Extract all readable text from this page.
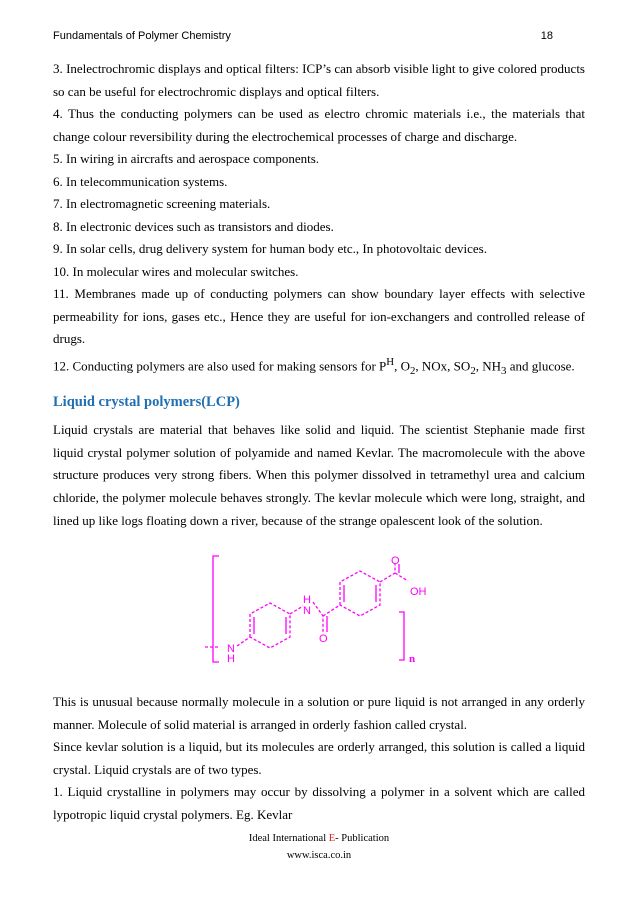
Fundamentals of Polymer Chemistry	18

3. Inelectrochromic displays and optical filters: ICP’s can absorb visible light to give colored products so can be useful for electrochromic displays and optical filters.

4. Thus the conducting polymers can be used as electro chromic materials i.e., the materials that change colour reversibility during the electrochemical processes of charge and discharge.

5. In wiring in aircrafts and aerospace components.

6. In telecommunication systems.

7. In electromagnetic screening materials.

8. In electronic devices such as transistors and diodes.

9. In solar cells, drug delivery system for human body etc., In photovoltaic devices.

10. In molecular wires and molecular switches.

11. Membranes made up of conducting polymers can show boundary layer effects with selective permeability for ions, gases etc., Hence they are useful for ion-exchangers and controlled release of drugs.

12. Conducting polymers are also used for making sensors for $P^H$, $O_2$, NOx, $SO_2$, $NH_3$ and glucose.

Liquid crystal polymers(LCP)
Liquid crystals are material that behaves like solid and liquid. The scientist Stephanie made first liquid crystal polymer solution of polyamide and named Kevlar. The macromolecule with the above structure produces very strong fibers. When this polymer dissolved in tetramethyl urea and calcium chloride, the polymer molecule behaves strongly. The kevlar molecule which were long, straight, and lined up like logs floating down a river, because of the strange opalescent look of the solution.
O
OH
H
N
O
N
H	n

This is unusual because normally molecule in a solution or pure liquid is not arranged in any orderly manner. Molecule of solid material is arranged in orderly fashion called crystal.

Since kevlar solution is a liquid, but its molecules are orderly arranged, this solution is called a liquid crystal. Liquid crystals are of two types.

1. Liquid crystalline in polymers may occur by dissolving a polymer in a solvent which are called lypotropic liquid crystal polymers. Eg. Kevlar

Ideal International E- Publication
www.isca.co.in
